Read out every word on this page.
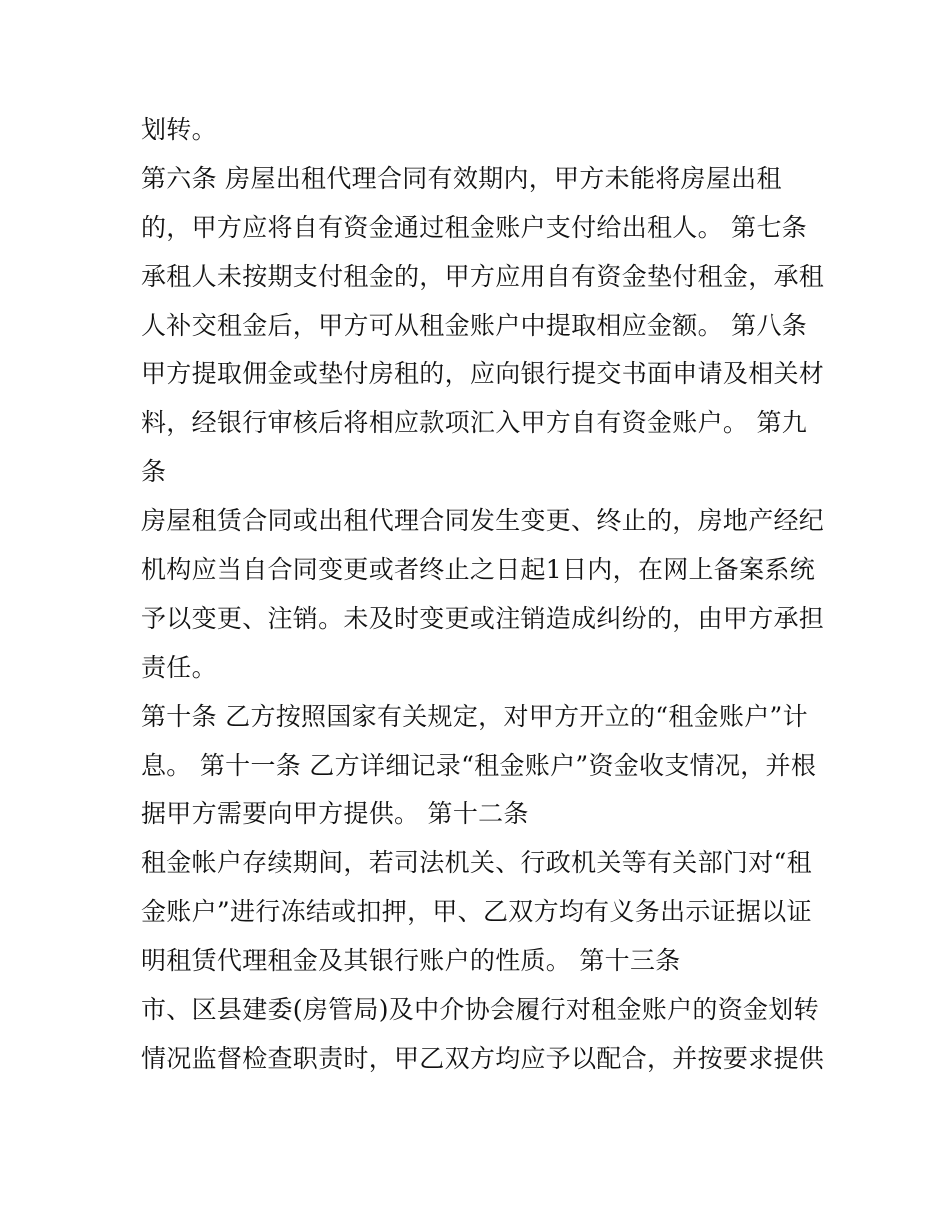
划转。
第六条 房屋出租代理合同有效期内，甲方未能将房屋出租
的，甲方应将自有资金通过租金账户支付给出租人。 第七条
承租人未按期支付租金的，甲方应用自有资金垫付租金，承租
人补交租金后，甲方可从租金账户中提取相应金额。 第八条
甲方提取佣金或垫付房租的，应向银行提交书面申请及相关材
料，经银行审核后将相应款项汇入甲方自有资金账户。 第九
条
房屋租赁合同或出租代理合同发生变更、终止的，房地产经纪
机构应当自合同变更或者终止之日起1日内，在网上备案系统
予以变更、注销。未及时变更或注销造成纠纷的，由甲方承担
责任。
第十条 乙方按照国家有关规定，对甲方开立的“租金账户”计
息。 第十一条 乙方详细记录“租金账户”资金收支情况，并根
据甲方需要向甲方提供。 第十二条
租金帐户存续期间，若司法机关、行政机关等有关部门对“租
金账户”进行冻结或扣押，甲、乙双方均有义务出示证据以证
明租赁代理租金及其银行账户的性质。 第十三条
市、区县建委(房管局)及中介协会履行对租金账户的资金划转
情况监督检查职责时，甲乙双方均应予以配合，并按要求提供
